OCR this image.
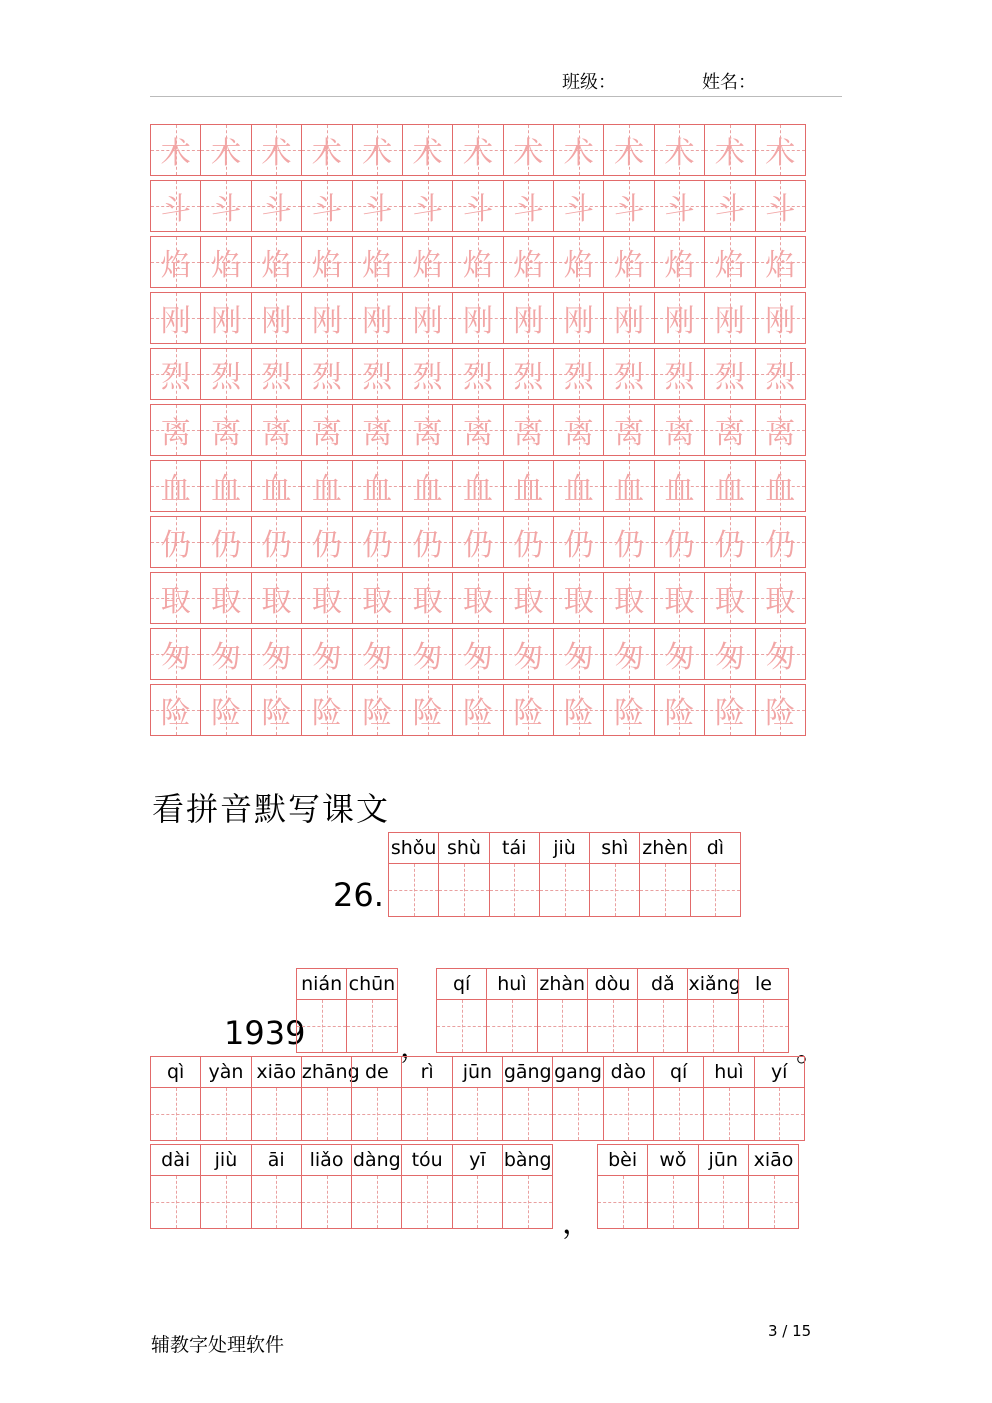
班级：	姓名：
术 术 术 术 术 术 术 术 术 术 术 术 术
斗 斗 斗 斗 斗 斗 斗 斗 斗 斗 斗 斗 斗
焰 焰 焰 焰 焰 焰 焰 焰 焰 焰 焰 焰 焰
刚 刚 刚 刚 刚 刚 刚 刚 刚 刚 刚 刚 刚
烈 烈 烈 烈 烈 烈 烈 烈 烈 烈 烈 烈 烈
离 离 离 离 离 离 离 离 离 离 离 离 离
血 血 血 血 血 血 血 血 血 血 血 血 血
仍 仍 仍 仍 仍 仍 仍 仍 仍 仍 仍 仍 仍
取 取 取 取 取 取 取 取 取 取 取 取 取
匆 匆 匆 匆 匆 匆 匆 匆 匆 匆 匆 匆 匆
险 险 险 险 险 险 险 险 险 险 险 险 险
看拼音默写课文
26.
shǒu shù	tái	jiù	shì zhèn dì
1939
nián chūn
，
qí	huì zhàn dòu	dǎ xiǎng le
。
qì	yàn xiāo zhāng de	rì	jūn gāng gang dào	qí	huì	yí
dài	jiù	āi	liǎo dàng tóu	yī bàng
，
bèi	wǒ	jūn xiāo
辅教字处理软件
3 / 15
